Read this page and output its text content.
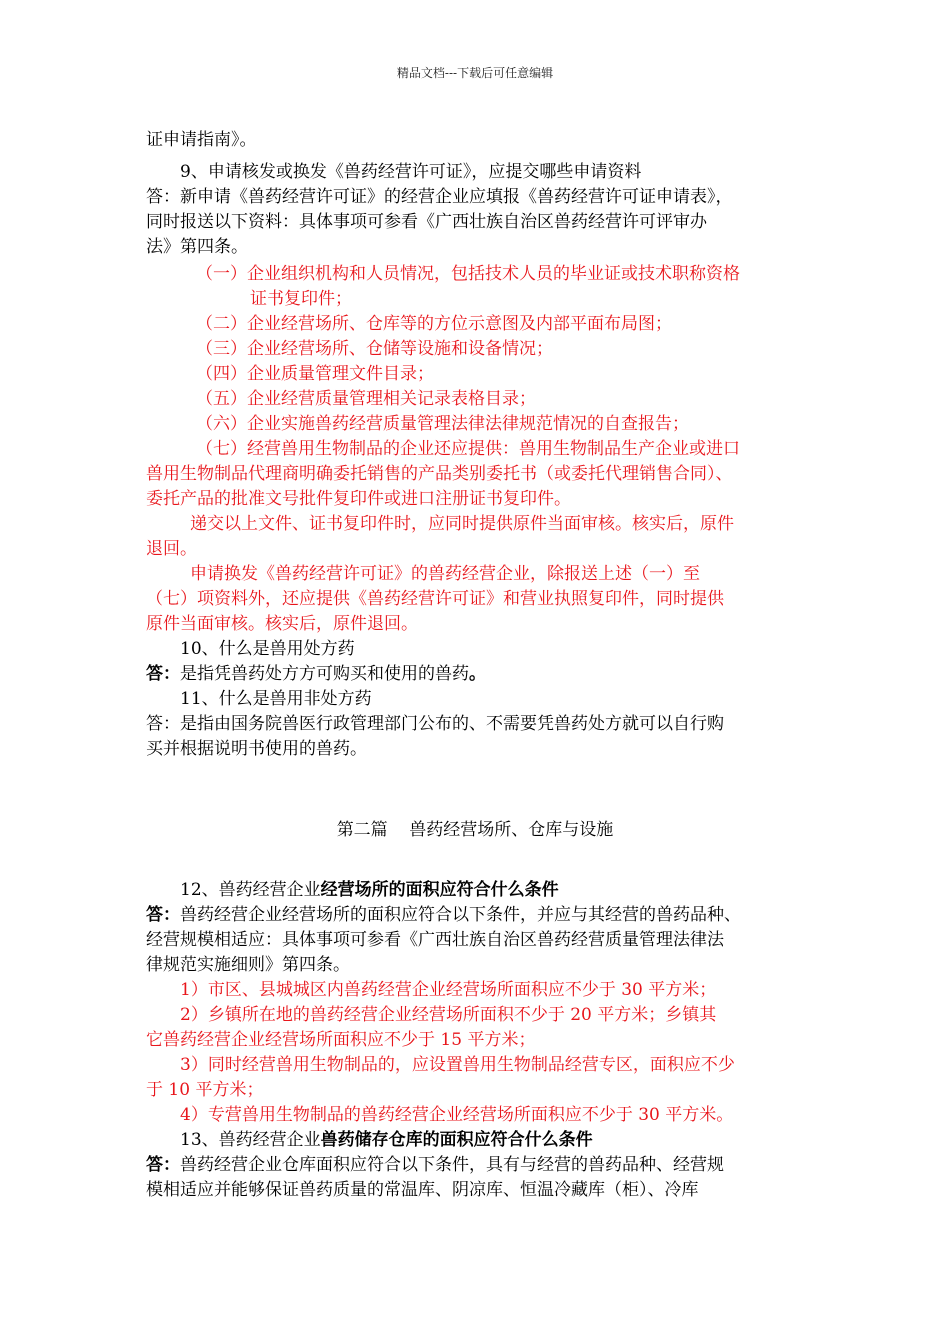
精品文档---下载后可任意编辑
证申请指南》。
9、申请核发或换发《兽药经营许可证》，应提交哪些申请资料
答：新申请《兽药经营许可证》的经营企业应填报《兽药经营许可证申请表》，
同时报送以下资料：具体事项可参看《广西壮族自治区兽药经营许可评审办
法》第四条。
（一）企业组织机构和人员情况，包括技术人员的毕业证或技术职称资格
证书复印件；
（二）企业经营场所、仓库等的方位示意图及内部平面布局图；
（三）企业经营场所、仓储等设施和设备情况；
（四）企业质量管理文件目录；
（五）企业经营质量管理相关记录表格目录；
（六）企业实施兽药经营质量管理法律法律规范情况的自查报告；
（七）经营兽用生物制品的企业还应提供：兽用生物制品生产企业或进口
兽用生物制品代理商明确委托销售的产品类别委托书（或委托代理销售合同）、
委托产品的批准文号批件复印件或进口注册证书复印件。
递交以上文件、证书复印件时，应同时提供原件当面审核。核实后，原件
退回。
申请换发《兽药经营许可证》的兽药经营企业，除报送上述（一）至
（七）项资料外，还应提供《兽药经营许可证》和营业执照复印件，同时提供
原件当面审核。核实后，原件退回。
10、什么是兽用处方药
答：是指凭兽药处方方可购买和使用的兽药。
11、什么是兽用非处方药
答：是指由国务院兽医行政管理部门公布的、不需要凭兽药处方就可以自行购
买并根据说明书使用的兽药。
第二篇    兽药经营场所、仓库与设施
12、兽药经营企业经营场所的面积应符合什么条件
答：兽药经营企业经营场所的面积应符合以下条件，并应与其经营的兽药品种、
经营规模相适应：具体事项可参看《广西壮族自治区兽药经营质量管理法律法
律规范实施细则》第四条。
1）市区、县城城区内兽药经营企业经营场所面积应不少于 30 平方米；
2）乡镇所在地的兽药经营企业经营场所面积不少于 20 平方米；乡镇其
它兽药经营企业经营场所面积应不少于 15 平方米；
3）同时经营兽用生物制品的，应设置兽用生物制品经营专区，面积应不少
于 10 平方米；
4）专营兽用生物制品的兽药经营企业经营场所面积应不少于 30 平方米。
13、兽药经营企业兽药储存仓库的面积应符合什么条件
答：兽药经营企业仓库面积应符合以下条件，具有与经营的兽药品种、经营规
模相适应并能够保证兽药质量的常温库、阴凉库、恒温冷藏库（柜）、冷库
